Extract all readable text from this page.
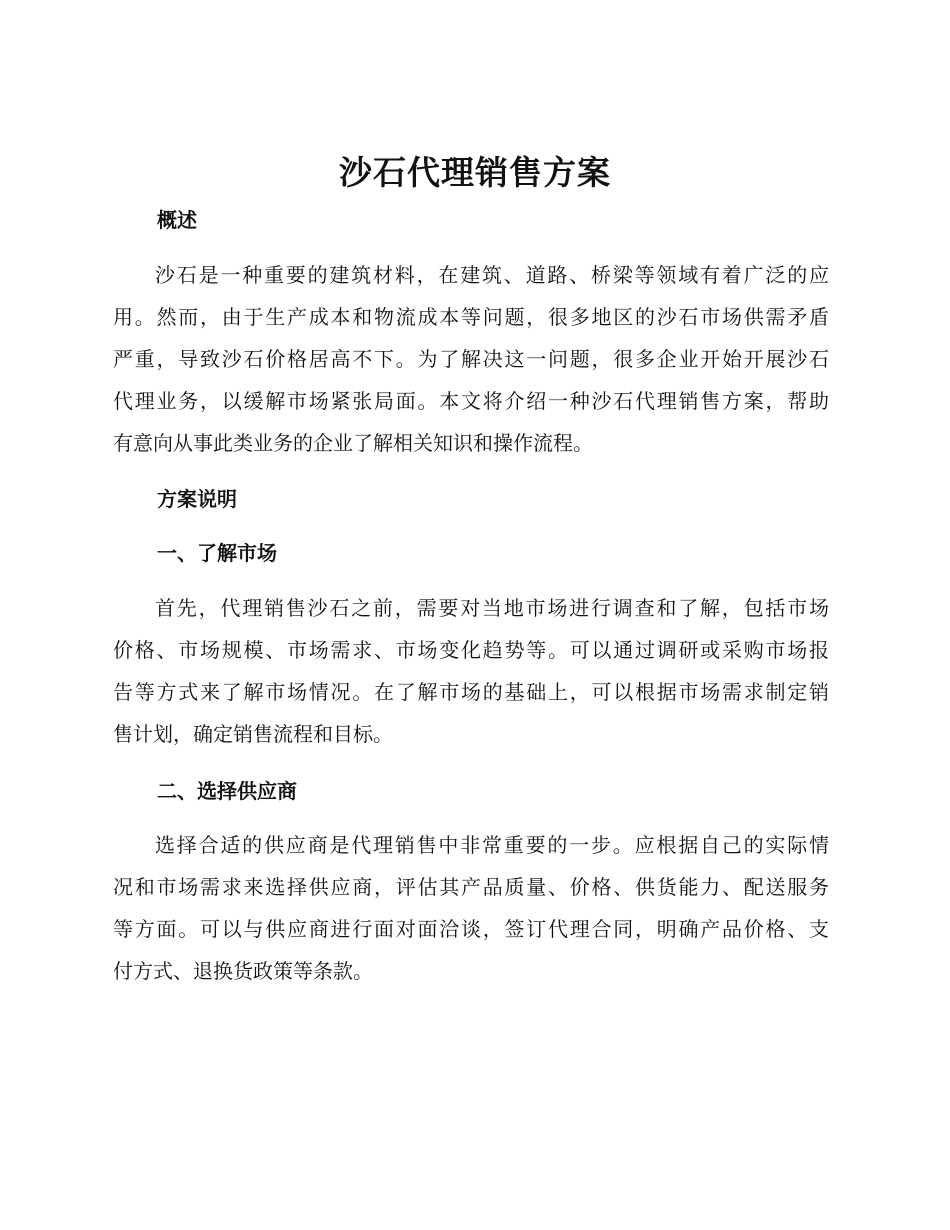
沙石代理销售方案
概述

沙石是一种重要的建筑材料，在建筑、道路、桥梁等领域有着广泛的应
用。然而，由于生产成本和物流成本等问题，很多地区的沙石市场供需矛盾
严重，导致沙石价格居高不下。为了解决这一问题，很多企业开始开展沙石
代理业务，以缓解市场紧张局面。本文将介绍一种沙石代理销售方案，帮助
有意向从事此类业务的企业了解相关知识和操作流程。

方案说明
一、了解市场

首先，代理销售沙石之前，需要对当地市场进行调查和了解，包括市场
价格、市场规模、市场需求、市场变化趋势等。可以通过调研或采购市场报
告等方式来了解市场情况。在了解市场的基础上，可以根据市场需求制定销
售计划，确定销售流程和目标。

二、选择供应商

选择合适的供应商是代理销售中非常重要的一步。应根据自己的实际情
况和市场需求来选择供应商，评估其产品质量、价格、供货能力、配送服务
等方面。可以与供应商进行面对面洽谈，签订代理合同，明确产品价格、支
付方式、退换货政策等条款。
